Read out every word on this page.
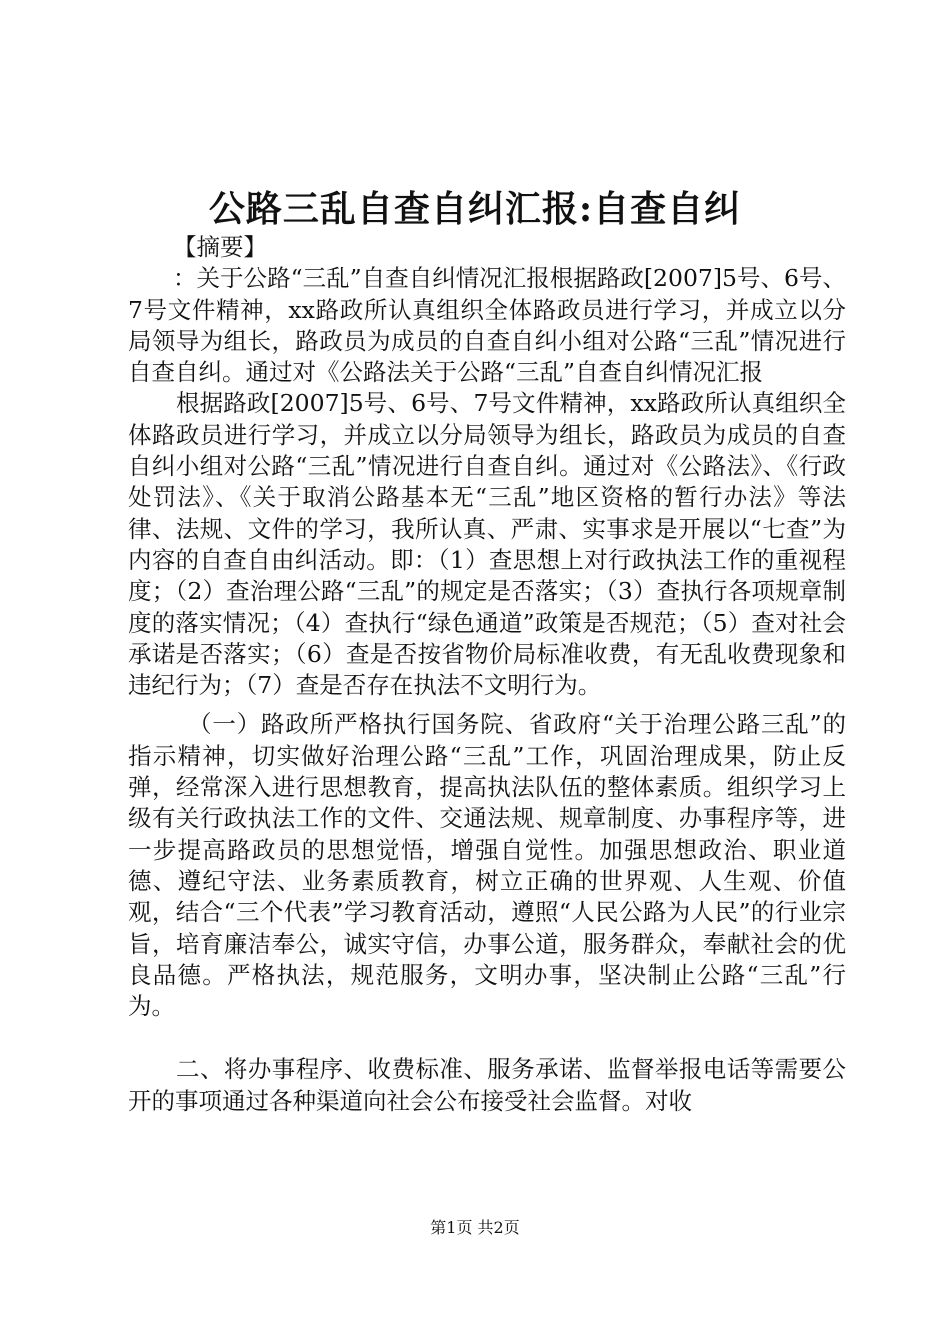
公路三乱自查自纠汇报:自查自纠

【摘要】

：关于公路“三乱”自查自纠情况汇报根据路政[2007]5号、6号、7号文件精神，xx路政所认真组织全体路政员进行学习，并成立以分局领导为组长，路政员为成员的自查自纠小组对公路“三乱”情况进行自查自纠。通过对《公路法关于公路“三乱”自查自纠情况汇报

根据路政[2007]5号、6号、7号文件精神，xx路政所认真组织全体路政员进行学习，并成立以分局领导为组长，路政员为成员的自查自纠小组对公路“三乱”情况进行自查自纠。通过对《公路法》、《行政处罚法》、《关于取消公路基本无“三乱”地区资格的暂行办法》等法律、法规、文件的学习，我所认真、严肃、实事求是开展以“七查”为内容的自查自由纠活动。即：（1）查思想上对行政执法工作的重视程度；（2）查治理公路“三乱”的规定是否落实；（3）查执行各项规章制度的落实情况；（4）查执行“绿色通道”政策是否规范；（5）查对社会承诺是否落实；（6）查是否按省物价局标准收费，有无乱收费现象和违纪行为；（7）查是否存在执法不文明行为。

（一）路政所严格执行国务院、省政府“关于治理公路三乱”的指示精神，切实做好治理公路“三乱”工作，巩固治理成果，防止反弹，经常深入进行思想教育，提高执法队伍的整体素质。组织学习上级有关行政执法工作的文件、交通法规、规章制度、办事程序等，进一步提高路政员的思想觉悟，增强自觉性。加强思想政治、职业道德、遵纪守法、业务素质教育，树立正确的世界观、人生观、价值观，结合“三个代表”学习教育活动，遵照“人民公路为人民”的行业宗旨，培育廉洁奉公，诚实守信，办事公道，服务群众，奉献社会的优良品德。严格执法，规范服务，文明办事，坚决制止公路“三乱”行为。

二、将办事程序、收费标准、服务承诺、监督举报电话等需要公开的事项通过各种渠道向社会公布接受社会监督。对收

第1页 共2页
